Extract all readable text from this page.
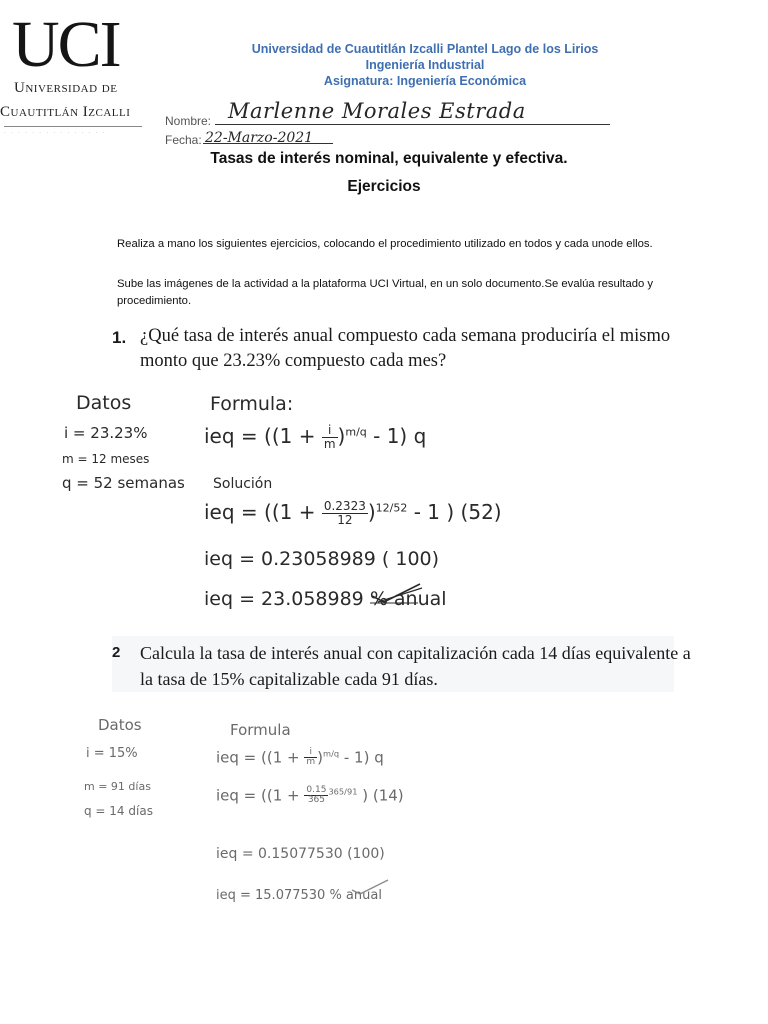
UCI
Universidad de
Cuautitlán Izcalli
· · · · · · · · · · · · · · ·
Universidad de Cuautitlán Izcalli Plantel Lago de los Lirios
Ingeniería Industrial
Asignatura: Ingeniería Económica
Nombre: Marlenne Morales Estrada
Fecha: 22-Marzo-2021
Tasas de interés nominal, equivalente y efectiva.
Ejercicios
Realiza a mano los siguientes ejercicios, colocando el procedimiento utilizado en todos y cada unode ellos.
Sube las imágenes de la actividad a la plataforma UCI Virtual, en un solo documento.Se evalúa resultado y procedimiento.
1. ¿Qué tasa de interés anual compuesto cada semana produciría el mismo monto que 23.23% compuesto cada mes?
Datos
i = 23.23%
m = 12 meses
q = 52 semanas
Formula:
ieq = $((1 + \frac{i}{m} )^{m/q} - 1)$ q
Solución
ieq = ($(1 + \frac{0.2323}{12} )^{12/52} - 1$ ) (52)
ieq = 0.23058989 ( 100)
ieq = 23.058989 % anual
2 Calcula la tasa de interés anual con capitalización cada 14 días equivalente a la tasa de 15% capitalizable cada 91 días.
Datos
i = 15%
m = 91 días
q = 14 días
Formula
ieq = $((1 + \frac{i}{m} )^{m/q} - 1)$ q
ieq = (($1 + \frac{0.15}{365} ^{365/91}$ ) (14)
ieq = 0.15077530 (100)
ieq = 15.077530 % anual
